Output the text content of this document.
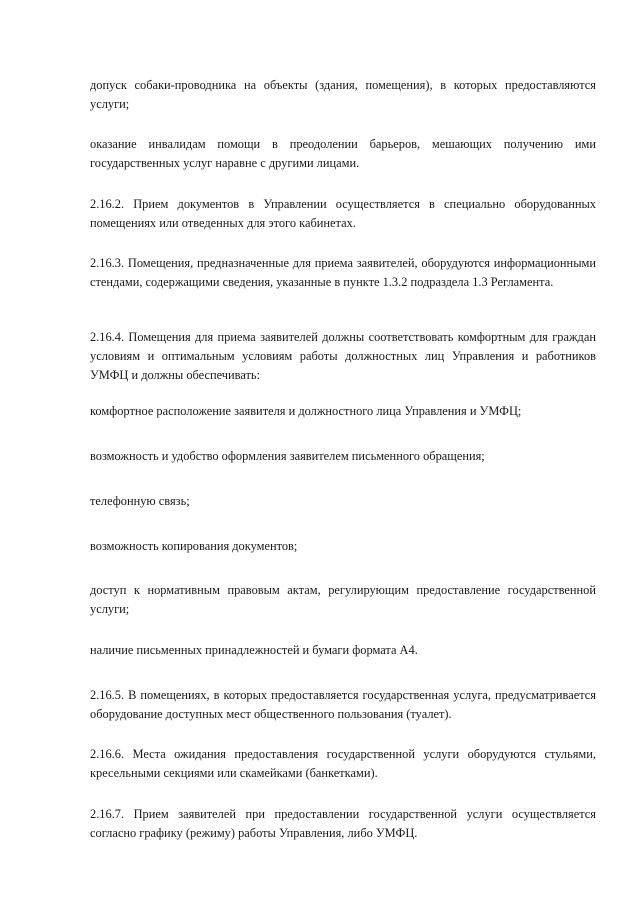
допуск собаки-проводника на объекты (здания, помещения), в которых предоставляются услуги;

оказание инвалидам помощи в преодолении барьеров, мешающих получению ими государственных услуг наравне с другими лицами.

2.16.2. Прием документов в Управлении осуществляется в специально оборудованных помещениях или отведенных для этого кабинетах.

2.16.3. Помещения, предназначенные для приема заявителей, оборудуются информационными стендами, содержащими сведения, указанные в пункте 1.3.2 подраздела 1.3 Регламента.

2.16.4. Помещения для приема заявителей должны соответствовать комфортным для граждан условиям и оптимальным условиям работы должностных лиц Управления и работников УМФЦ и должны обеспечивать:

комфортное расположение заявителя и должностного лица Управления и УМФЦ;

возможность и удобство оформления заявителем письменного обращения;

телефонную связь;

возможность копирования документов;

доступ к нормативным правовым актам, регулирующим предоставление государственной услуги;

наличие письменных принадлежностей и бумаги формата А4.

2.16.5. В помещениях, в которых предоставляется государственная услуга, предусматривается оборудование доступных мест общественного пользования (туалет).

2.16.6. Места ожидания предоставления государственной услуги оборудуются стульями, кресельными секциями или скамейками (банкетками).

2.16.7. Прием заявителей при предоставлении государственной услуги осуществляется согласно графику (режиму) работы Управления, либо УМФЦ.
